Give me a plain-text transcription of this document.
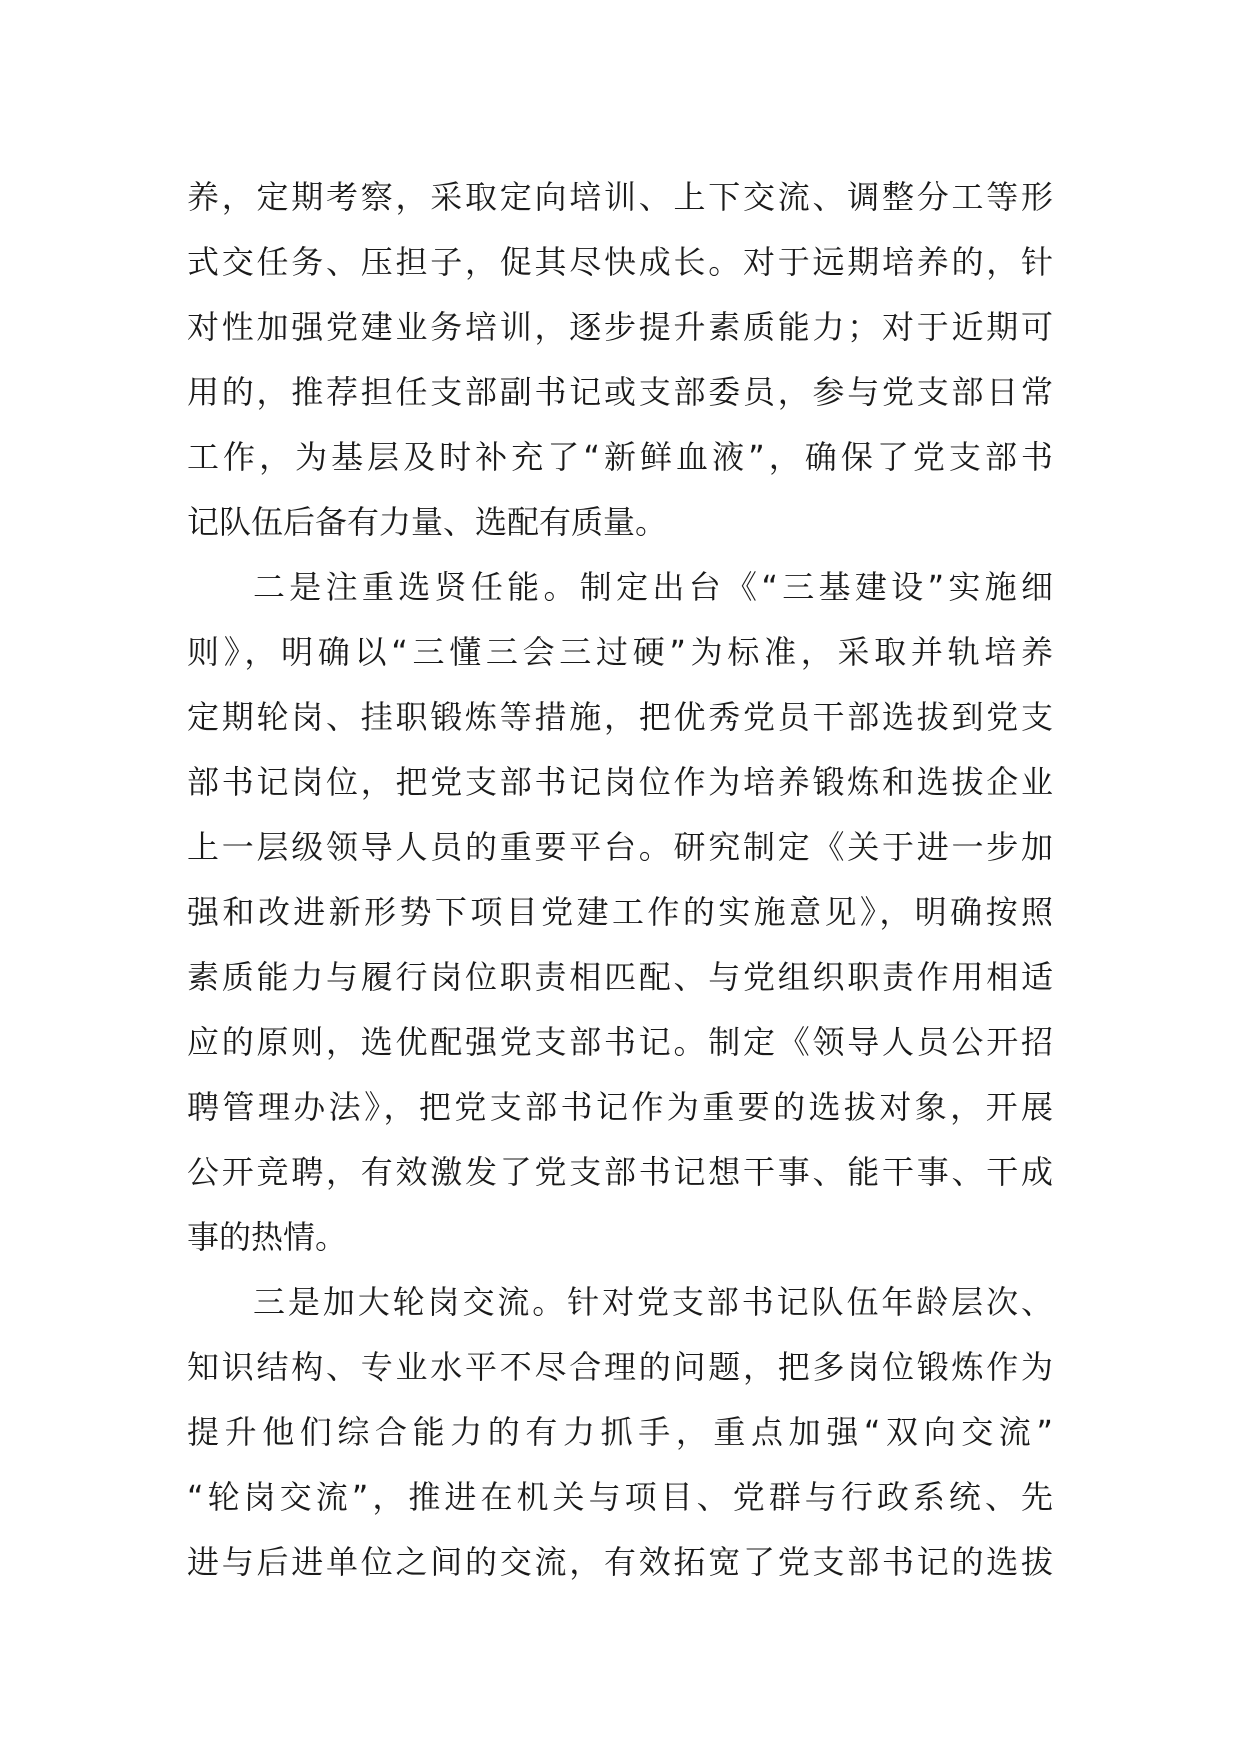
养，定期考察，采取定向培训、上下交流、调整分工等形
式交任务、压担子，促其尽快成长。对于远期培养的，针
对性加强党建业务培训，逐步提升素质能力；对于近期可
用的，推荐担任支部副书记或支部委员，参与党支部日常
工作，为基层及时补充了“新鲜血液”，确保了党支部书
记队伍后备有力量、选配有质量。
二是注重选贤任能。制定出台《“三基建设”实施细
则》，明确以“三懂三会三过硬”为标准，采取并轨培养
定期轮岗、挂职锻炼等措施，把优秀党员干部选拔到党支
部书记岗位，把党支部书记岗位作为培养锻炼和选拔企业
上一层级领导人员的重要平台。研究制定《关于进一步加
强和改进新形势下项目党建工作的实施意见》，明确按照
素质能力与履行岗位职责相匹配、与党组织职责作用相适
应的原则，选优配强党支部书记。制定《领导人员公开招
聘管理办法》，把党支部书记作为重要的选拔对象，开展
公开竞聘，有效激发了党支部书记想干事、能干事、干成
事的热情。
三是加大轮岗交流。针对党支部书记队伍年龄层次、
知识结构、专业水平不尽合理的问题，把多岗位锻炼作为
提升他们综合能力的有力抓手，重点加强“双向交流”
“轮岗交流”，推进在机关与项目、党群与行政系统、先
进与后进单位之间的交流，有效拓宽了党支部书记的选拔
